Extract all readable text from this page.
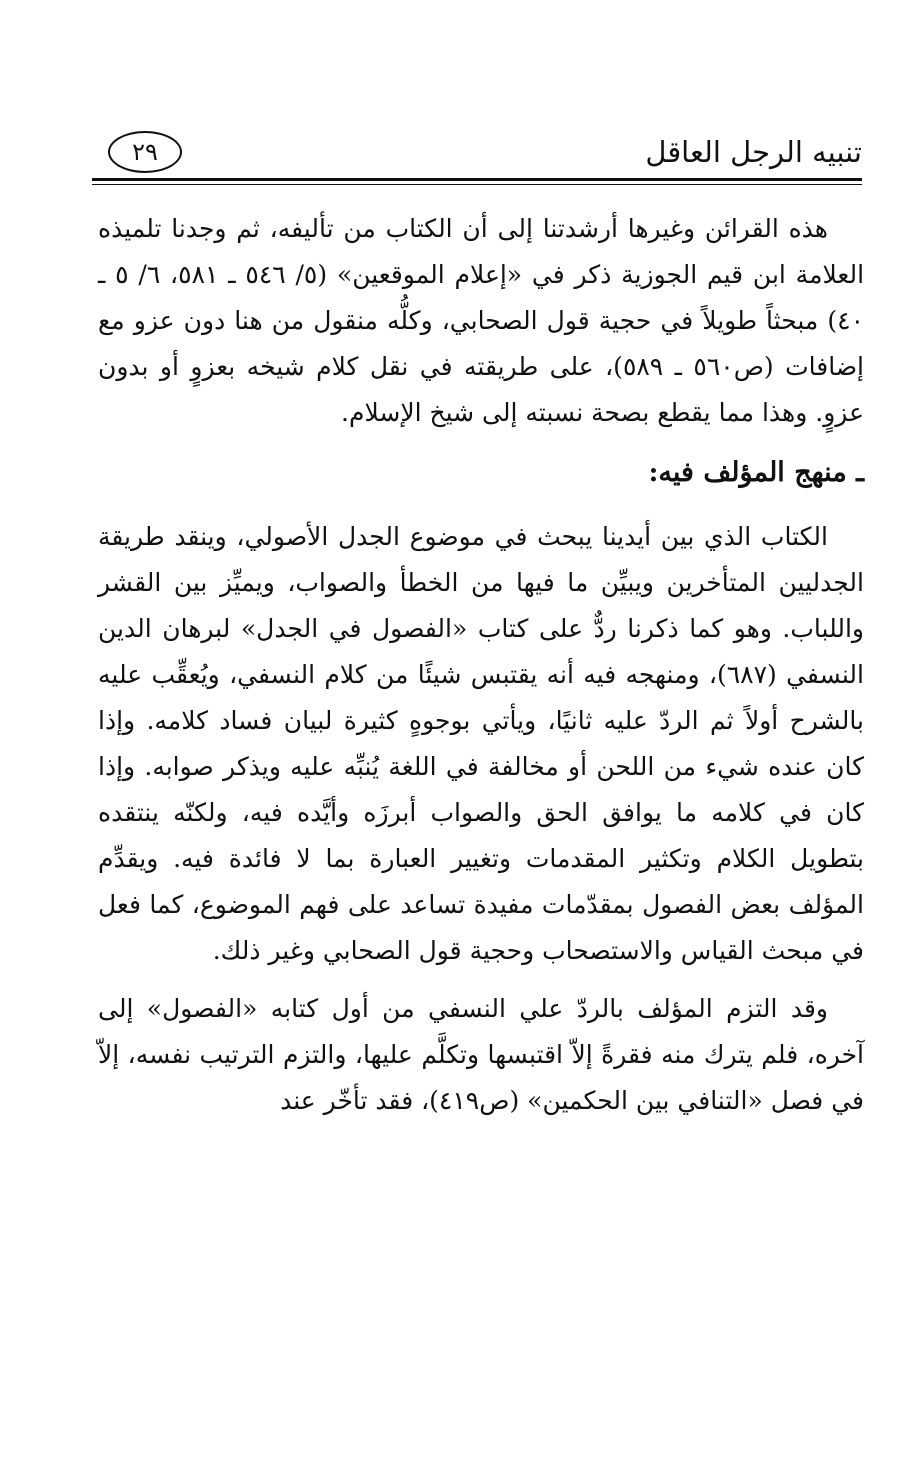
تنبيه الرجل العاقل
٢٩

هذه القرائن وغيرها أرشدتنا إلى أن الكتاب من تأليفه، ثم وجدنا تلميذه العلامة ابن قيم الجوزية ذكر في «إعلام الموقعين» (٥/ ٥٤٦ ـ ٥٨١، ٦/ ٥ ـ ٤٠) مبحثاً طويلاً في حجية قول الصحابي، وكلُّه منقول من هنا دون عزو مع إضافات (ص٥٦٠ ـ ٥٨٩)، على طريقته في نقل كلام شيخه بعزوٍ أو بدون عزوٍ. وهذا مما يقطع بصحة نسبته إلى شيخ الإسلام.

ـ منهج المؤلف فيه:

الكتاب الذي بين أيدينا يبحث في موضوع الجدل الأصولي، وينقد طريقة الجدليين المتأخرين ويبيِّن ما فيها من الخطأ والصواب، ويميِّز بين القشر واللباب. وهو كما ذكرنا ردٌّ على كتاب «الفصول في الجدل» لبرهان الدين النسفي (٦٨٧)، ومنهجه فيه أنه يقتبس شيئًا من كلام النسفي، ويُعقِّب عليه بالشرح أولاً ثم الردّ عليه ثانيًا، ويأتي بوجوهٍ كثيرة لبيان فساد كلامه. وإذا كان عنده شيء من اللحن أو مخالفة في اللغة يُنبِّه عليه ويذكر صوابه. وإذا كان في كلامه ما يوافق الحق والصواب أبرزَه وأيَّده فيه، ولكنّه ينتقده بتطويل الكلام وتكثير المقدمات وتغيير العبارة بما لا فائدة فيه. ويقدِّم المؤلف بعض الفصول بمقدّمات مفيدة تساعد على فهم الموضوع، كما فعل في مبحث القياس والاستصحاب وحجية قول الصحابي وغير ذلك.

وقد التزم المؤلف بالردّ علي النسفي من أول كتابه «الفصول» إلى آخره، فلم يترك منه فقرةً إلاّ اقتبسها وتكلَّم عليها، والتزم الترتيب نفسه، إلاّ في فصل «التنافي بين الحكمين» (ص٤١٩)، فقد تأخّر عند
